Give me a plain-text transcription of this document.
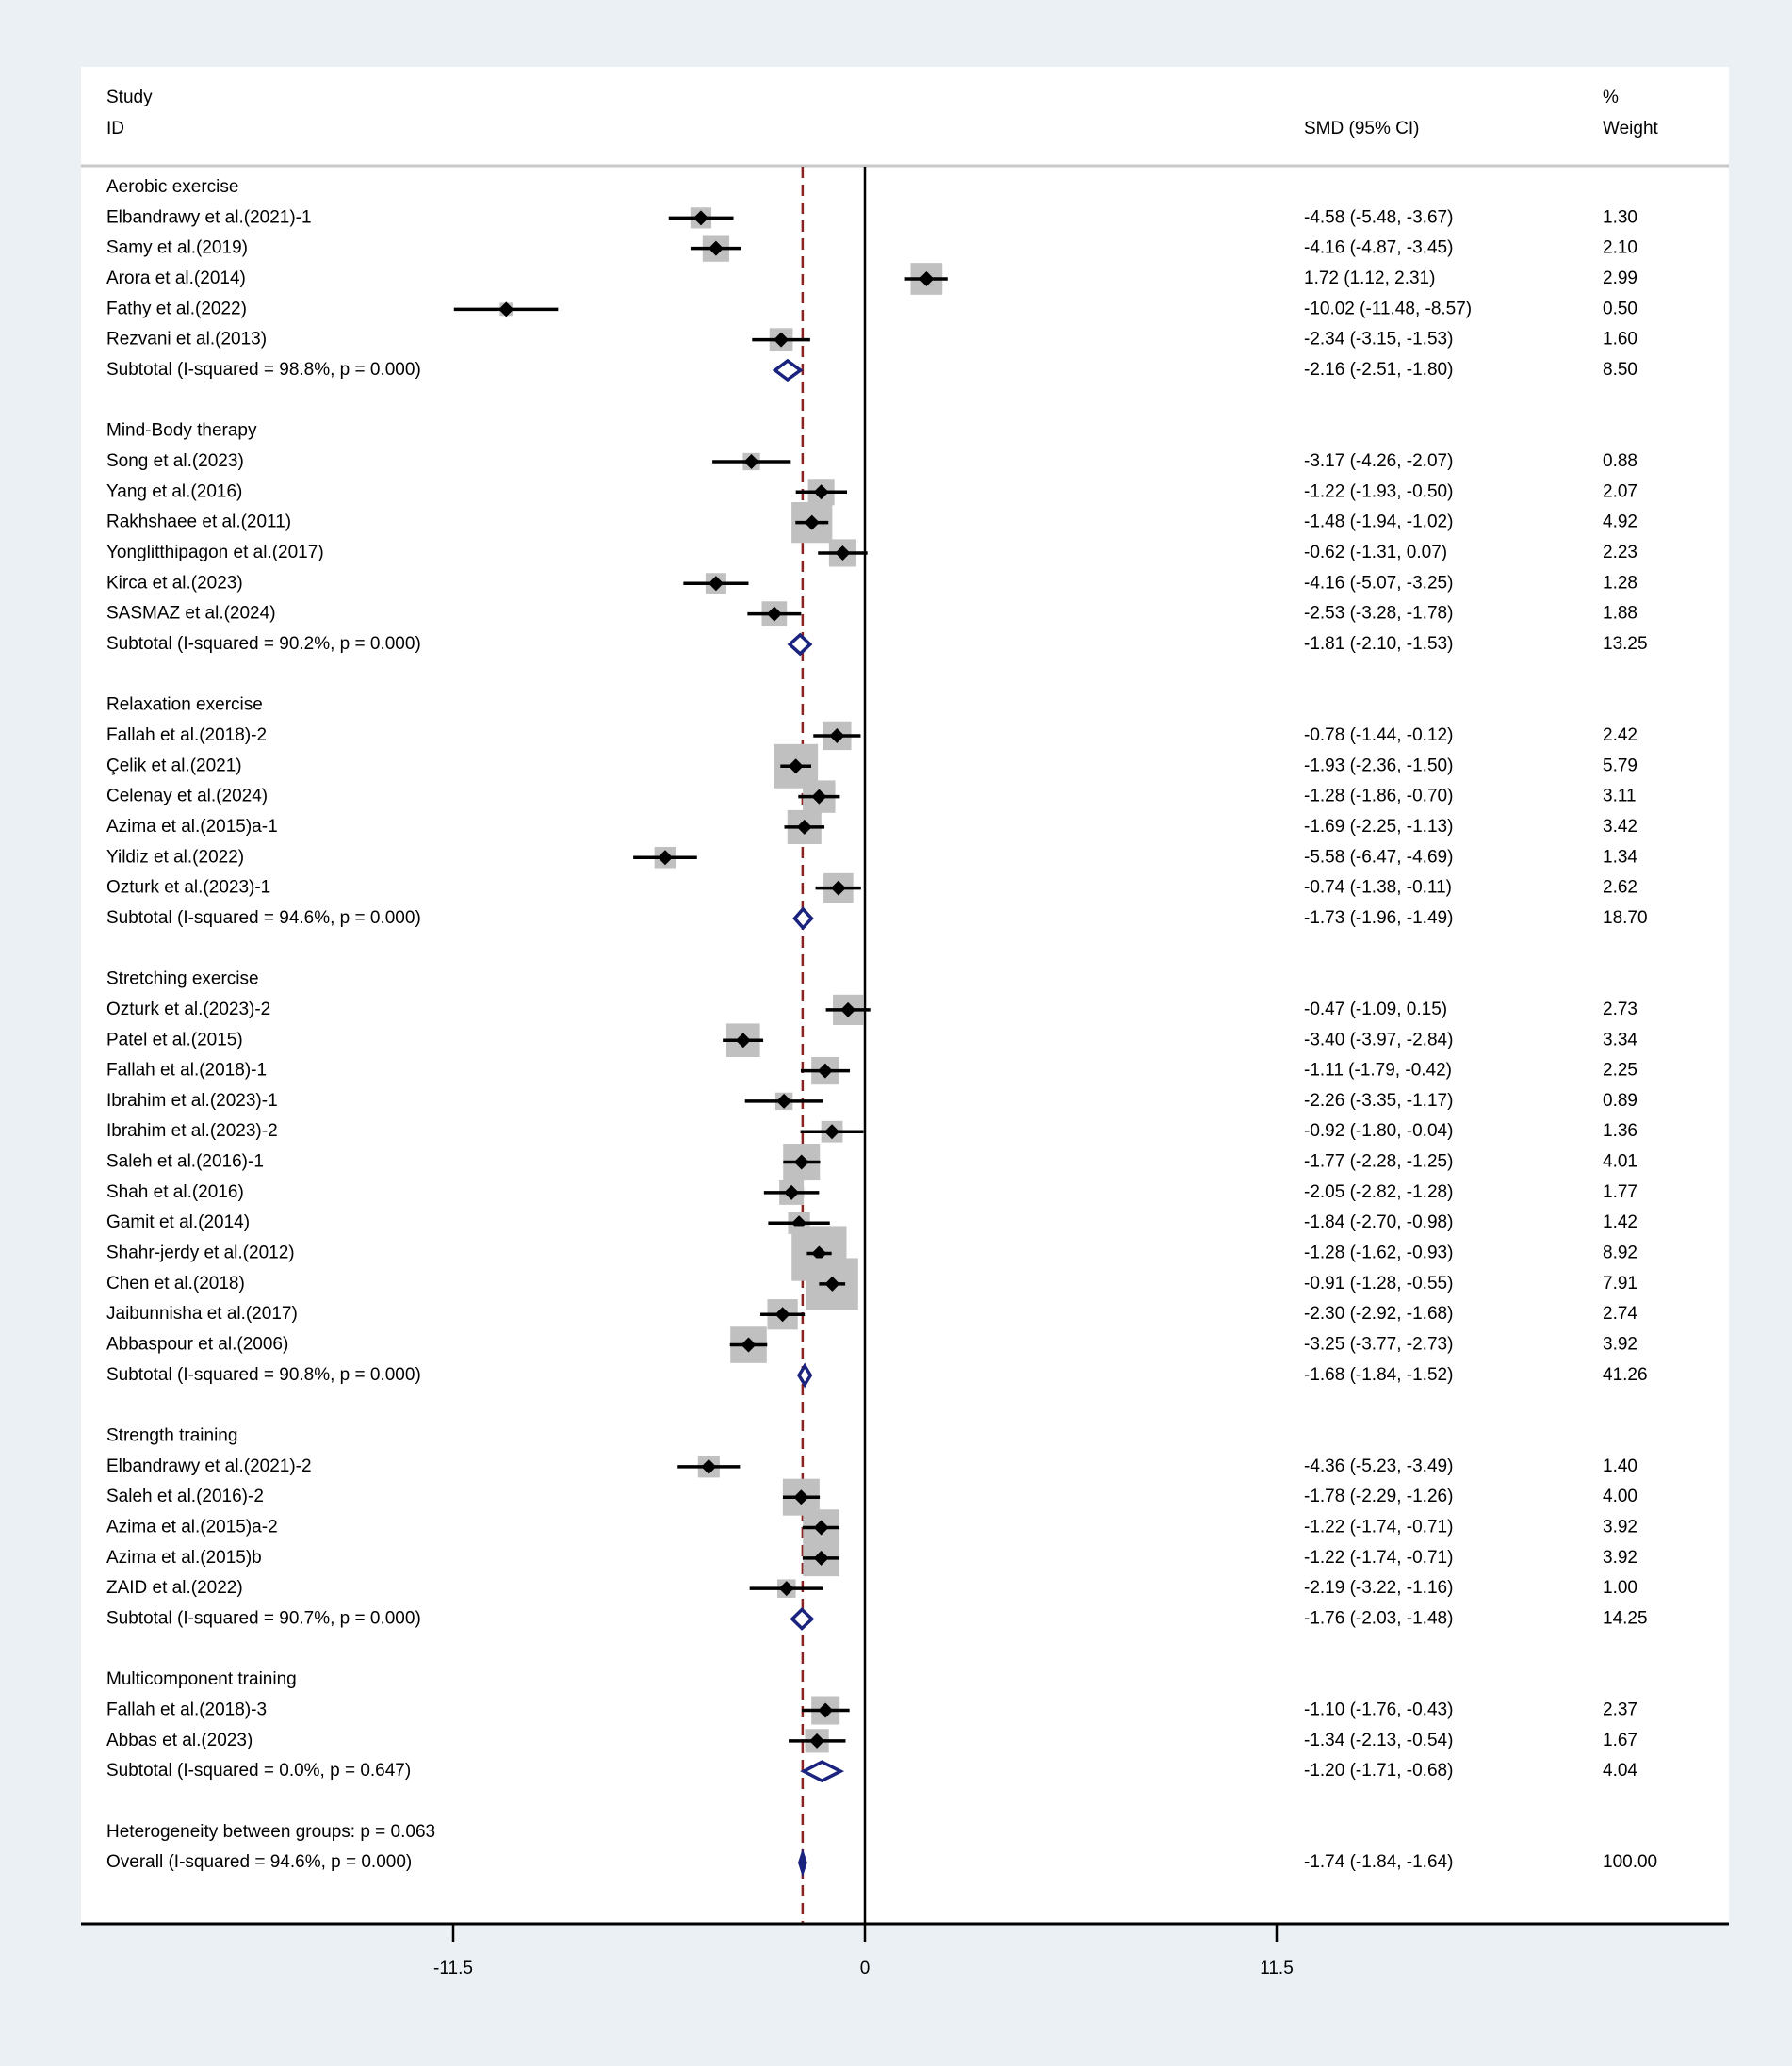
Study
ID	SMD (95% CI)
%
Weight
Aerobic exercise
Elbandrawy et al.(2021)-1	-4.58 (-5.48, -3.67)	1.30
Samy et al.(2019)	-4.16 (-4.87, -3.45)	2.10
Arora et al.(2014)	1.72 (1.12, 2.31)	2.99
Fathy et al.(2022)	-10.02 (-11.48, -8.57)	0.50
Rezvani et al.(2013)	-2.34 (-3.15, -1.53)	1.60
Subtotal (I-squared = 98.8%, p = 0.000)	-2.16 (-2.51, -1.80)	8.50
Mind-Body therapy
Song et al.(2023)	-3.17 (-4.26, -2.07)	0.88
Yang et al.(2016)	-1.22 (-1.93, -0.50)	2.07
Rakhshaee et al.(2011)	-1.48 (-1.94, -1.02)	4.92
Yonglitthipagon et al.(2017)	-0.62 (-1.31, 0.07)	2.23
Kirca et al.(2023)	-4.16 (-5.07, -3.25)	1.28
SASMAZ et al.(2024)	-2.53 (-3.28, -1.78)	1.88
Subtotal (I-squared = 90.2%, p = 0.000)	-1.81 (-2.10, -1.53)	13.25
Relaxation exercise
Fallah et al.(2018)-2	-0.78 (-1.44, -0.12)	2.42
Çelik et al.(2021)	-1.93 (-2.36, -1.50)	5.79
Celenay et al.(2024)	-1.28 (-1.86, -0.70)	3.11
Azima et al.(2015)a-1	-1.69 (-2.25, -1.13)	3.42
Yildiz et al.(2022)	-5.58 (-6.47, -4.69)	1.34
Ozturk et al.(2023)-1	-0.74 (-1.38, -0.11)	2.62
Subtotal (I-squared = 94.6%, p = 0.000)	-1.73 (-1.96, -1.49)	18.70
Stretching exercise
Ozturk et al.(2023)-2	-0.47 (-1.09, 0.15)	2.73
Patel et al.(2015)	-3.40 (-3.97, -2.84)	3.34
Fallah et al.(2018)-1	-1.11 (-1.79, -0.42)	2.25
Ibrahim et al.(2023)-1	-2.26 (-3.35, -1.17)	0.89
Ibrahim et al.(2023)-2	-0.92 (-1.80, -0.04)	1.36
Saleh et al.(2016)-1	-1.77 (-2.28, -1.25)	4.01
Shah et al.(2016)	-2.05 (-2.82, -1.28)	1.77
Gamit et al.(2014)	-1.84 (-2.70, -0.98)	1.42
Shahr-jerdy et al.(2012)	-1.28 (-1.62, -0.93)	8.92
Chen et al.(2018)	-0.91 (-1.28, -0.55)	7.91
Jaibunnisha et al.(2017)	-2.30 (-2.92, -1.68)	2.74
Abbaspour et al.(2006)	-3.25 (-3.77, -2.73)	3.92
Subtotal (I-squared = 90.8%, p = 0.000)	-1.68 (-1.84, -1.52)	41.26
Strength training
Elbandrawy et al.(2021)-2	-4.36 (-5.23, -3.49)	1.40
Saleh et al.(2016)-2	-1.78 (-2.29, -1.26)	4.00
Azima et al.(2015)a-2	-1.22 (-1.74, -0.71)	3.92
Azima et al.(2015)b	-1.22 (-1.74, -0.71)	3.92
ZAID et al.(2022)	-2.19 (-3.22, -1.16)	1.00
Subtotal (I-squared = 90.7%, p = 0.000)	-1.76 (-2.03, -1.48)	14.25
Multicomponent training
Fallah et al.(2018)-3	-1.10 (-1.76, -0.43)	2.37
Abbas et al.(2023)	-1.34 (-2.13, -0.54)	1.67
Subtotal (I-squared = 0.0%, p = 0.647)	-1.20 (-1.71, -0.68)	4.04
Heterogeneity between groups: p = 0.063
Overall (I-squared = 94.6%, p = 0.000)	-1.74 (-1.84, -1.64)	100.00
-11.5	0	11.5
